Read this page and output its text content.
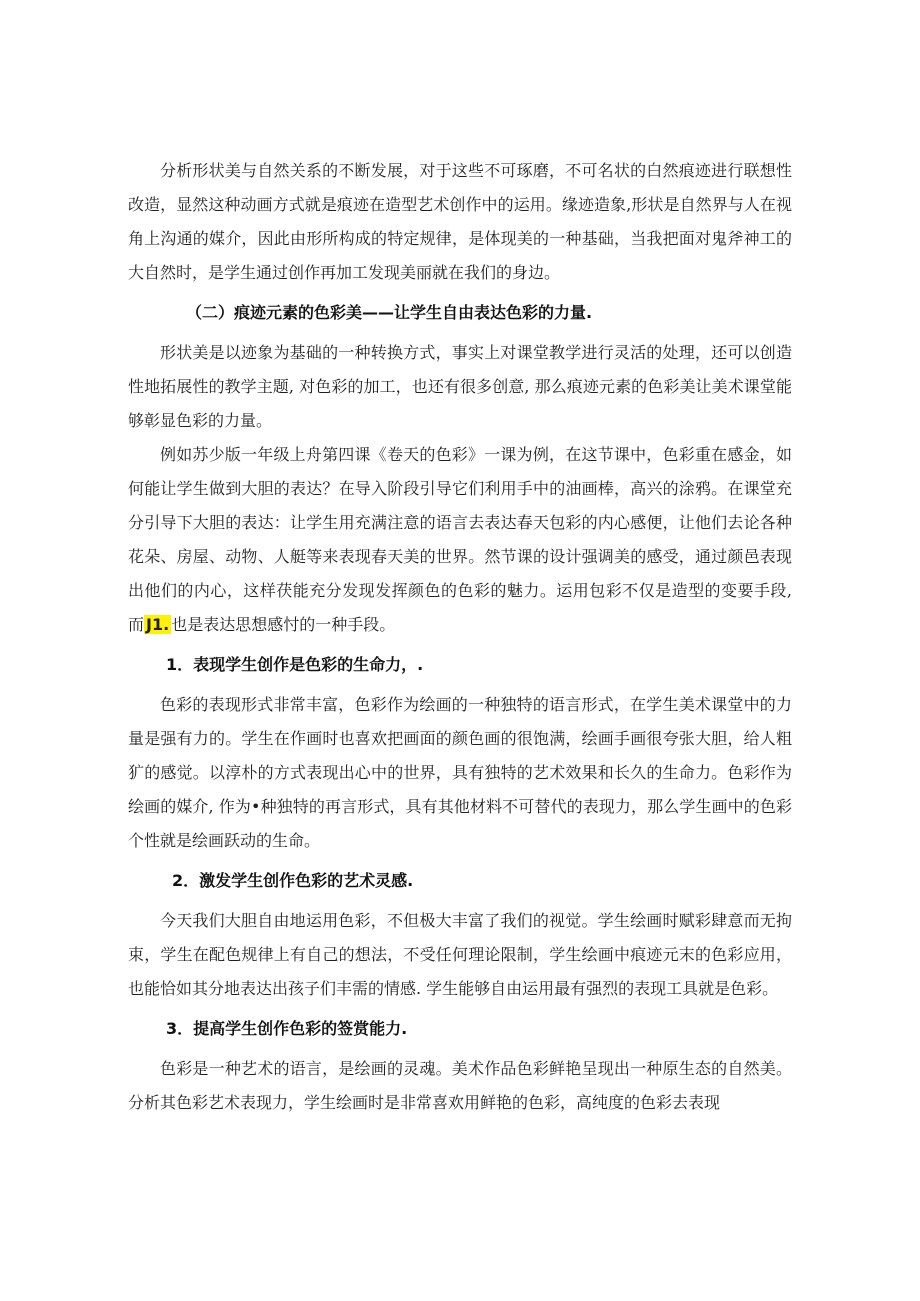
分析形状美与自然关系的不断发展，对于这些不可琢磨，不可名状的白然痕迹进行联想性改造，显然这种动画方式就是痕迹在造型艺术创作中的运用。缘迹造象,形状是自然界与人在视角上沟通的媒介，因此由形所构成的特定规律，是体现美的一种基础，当我把面对鬼斧神工的大自然时，是学生通过创作再加工发现美丽就在我们的身边。

（二）痕迹元素的色彩美——让学生自由表达色彩的力量.

形状美是以迹象为基础的一种转换方式，事实上对课堂教学进行灵活的处理，还可以创造性地拓展性的教学主题, 对色彩的加工，也还有很多创意, 那么痕迹元素的色彩美让美术课堂能够彰显色彩的力量。

例如苏少版一年级上舟第四课《卷天的色彩》一课为例，在这节课中，色彩重在感金，如何能让学生做到大胆的表达？在导入阶段引导它们利用手中的油画棒，高兴的涂鸦。在课堂充分引导下大胆的表达：让学生用充满注意的语言去表达春天包彩的内心感便，让他们去论各种花朵、房屋、动物、人艇等来表现春天美的世界。然节课的设计强调美的感受，通过颜邑表现出他们的内心，这样茯能充分发现发挥颜色的色彩的魅力。运用包彩不仅是造型的变要手段, 而 J1. 也是表达思想感忖的一种手段。

1．表现学生创作是色彩的生命力，.

色彩的表现形式非常丰富，色彩作为绘画的一种独特的语言形式，在学生美术课堂中的力量是强有力的。学生在作画时也喜欢把画面的颜色画的很饱满，绘画手画很夸张大胆，给人粗犷的感觉。以淳朴的方式表现出心中的世界，具有独特的艺术效果和长久的生命力。色彩作为绘画的媒介, 作为•种独特的再言形式，具有其他材料不可替代的表现力，那么学生画中的色彩个性就是绘画跃动的生命。

2．激发学生创作色彩的艺术灵感.

今天我们大胆自由地运用色彩，不但极大丰富了我们的视觉。学生绘画时赋彩肆意而无拘束，学生在配色规律上有自己的想法，不受任何理论限制，学生绘画中痕迹元末的色彩应用，也能恰如其分地表达出孩子们丰需的情感. 学生能够自由运用最有强烈的表现工具就是色彩。

3．提高学生创作色彩的签赏能力.

色彩是一种艺术的语言，是绘画的灵魂。美术作品色彩鲜艳呈现出一种原生态的自然美。分析其色彩艺术表现力，学生绘画时是非常喜欢用鲜艳的色彩，高纯度的色彩去表现
